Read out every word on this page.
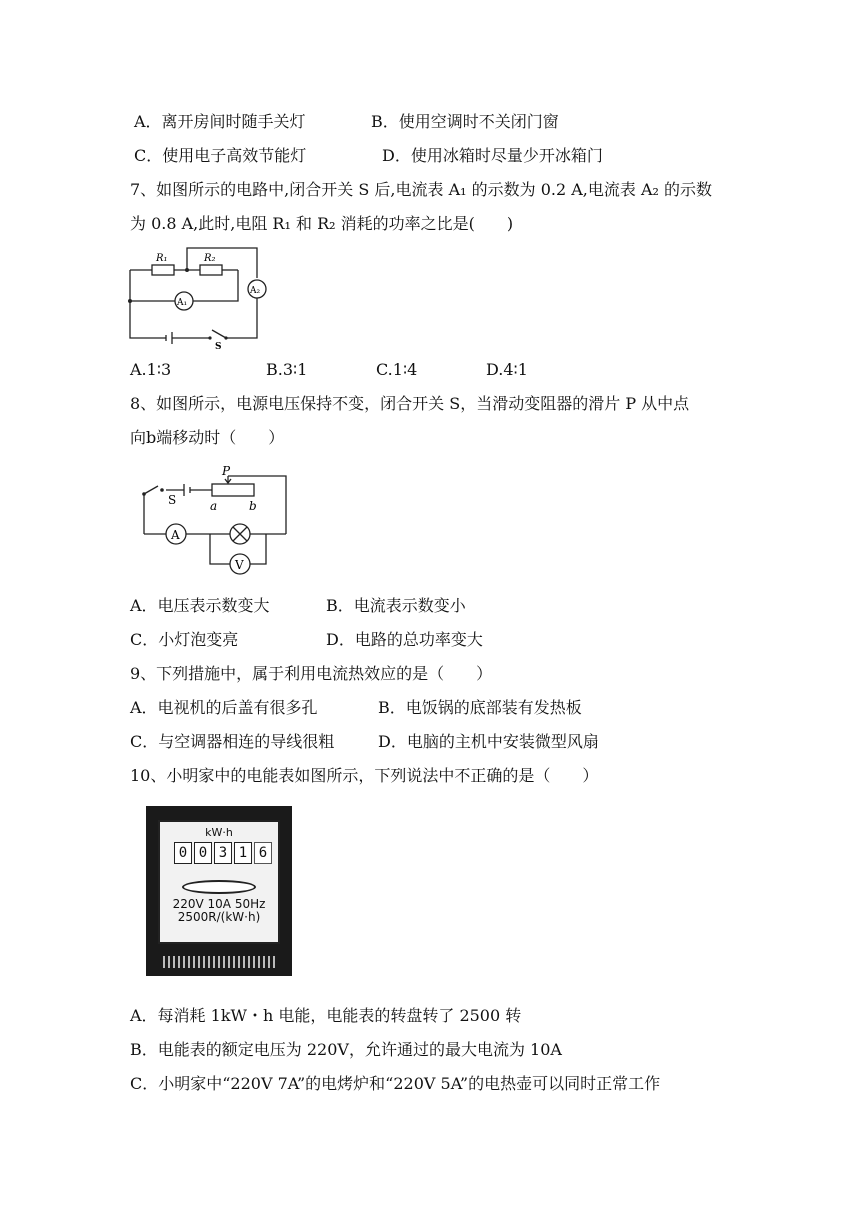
A．离开房间时随手关灯	B．使用空调时不关闭门窗
C．使用电子高效节能灯	D．使用冰箱时尽量少开冰箱门
7、如图所示的电路中,闭合开关 S 后,电流表 A₁ 的示数为 0.2 A,电流表 A₂ 的示数
为 0.8 A,此时,电阻 R₁ 和 R₂ 消耗的功率之比是(　　)
R₁	R₂
A₁
A₂
S
A.1∶3	B.3∶1	C.1∶4	D.4∶1
8、如图所示，电源电压保持不变，闭合开关 S，当滑动变阻器的滑片 P 从中点
向b端移动时（　　）
S
P
a	b
A
V
A．电压表示数变大	B．电流表示数变小
C．小灯泡变亮	D．电路的总功率变大
9、下列措施中，属于利用电流热效应的是（　　）
A．电视机的后盖有很多孔	B．电饭锅的底部装有发热板
C．与空调器相连的导线很粗	D．电脑的主机中安装微型风扇
10、小明家中的电能表如图所示，下列说法中不正确的是（　　）
kW·h
0 0 3 1 6
220V 10A 50Hz
2500R/(kW·h)
A．每消耗 1kW・h 电能，电能表的转盘转了 2500 转
B．电能表的额定电压为 220V，允许通过的最大电流为 10A
C．小明家中“220V 7A”的电烤炉和“220V 5A”的电热壶可以同时正常工作
